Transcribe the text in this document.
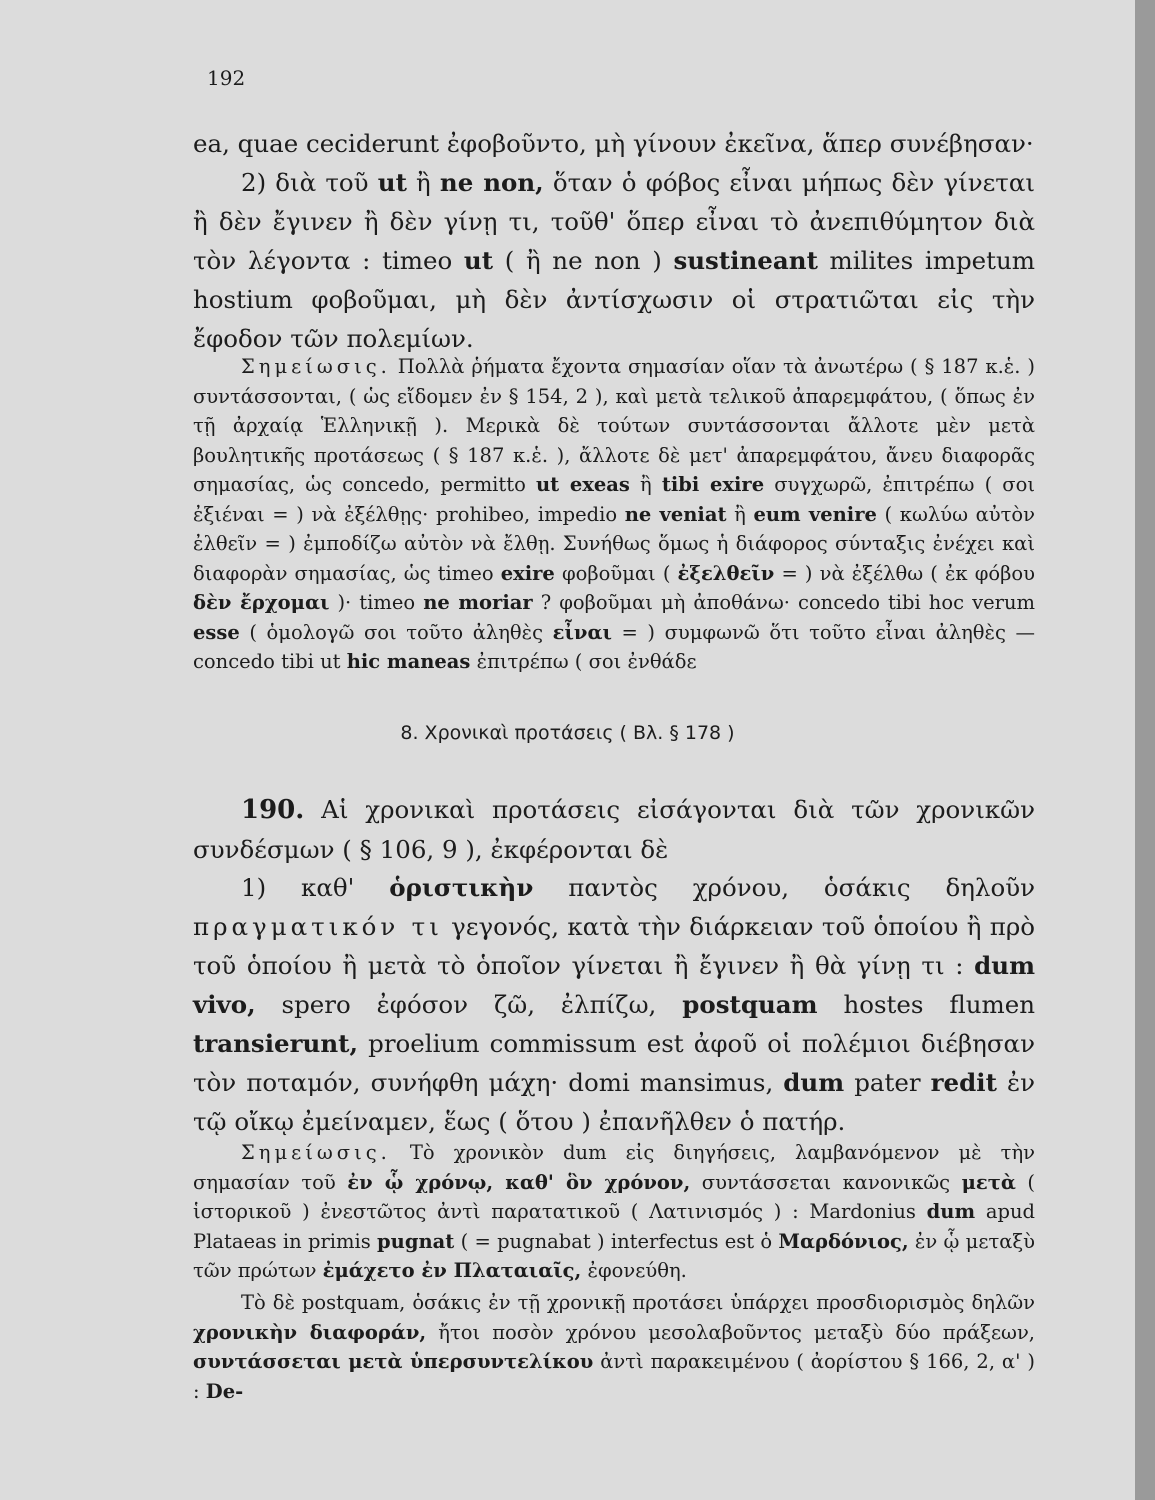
192

ea, quae ceciderunt ἐφοβοῦντο, μὴ γίνουν ἐκεῖνα, ἅπερ συνέβησαν·

2) διὰ τοῦ ut ἢ ne non, ὅταν ὁ φόβος εἶναι μήπως δὲν γίνεται ἢ δὲν ἔγινεν ἢ δὲν γίνῃ τι, τοῦθ' ὅπερ εἶναι τὸ ἀνεπιθύμητον διὰ τὸν λέγοντα : timeo ut ( ἢ ne non ) sustineant milites impetum hostium φοβοῦμαι, μὴ δὲν ἀντίσχωσιν οἱ στρατιῶται εἰς τὴν ἔφοδον τῶν πολεμίων.

Σημείωσις. Πολλὰ ῥήματα ἔχοντα σημασίαν οἵαν τὰ ἀνωτέρω ( § 187 κ.ἑ. ) συντάσσονται, ( ὡς εἴδομεν ἐν § 154, 2 ), καὶ μετὰ τελικοῦ ἀπαρεμφάτου, ( ὅπως ἐν τῇ ἀρχαίᾳ Ἑλληνικῇ ). Μερικὰ δὲ τούτων συντάσσονται ἄλλοτε μὲν μετὰ βουλητικῆς προτάσεως ( § 187 κ.ἑ. ), ἄλλοτε δὲ μετ' ἀπαρεμφάτου, ἄνευ διαφορᾶς σημασίας, ὡς concedo, permitto ut exeas ἢ tibi exire συγχωρῶ, ἐπιτρέπω ( σοι ἐξιέναι = ) νὰ ἐξέλθῃς· prohibeo, impedio ne veniat ἢ eum venire ( κωλύω αὐτὸν ἐλθεῖν = ) ἐμποδίζω αὐτὸν νὰ ἔλθῃ. Συνήθως ὅμως ἡ διάφορος σύνταξις ἐνέχει καὶ διαφορὰν σημασίας, ὡς timeo exire φοβοῦμαι ( ἐξελθεῖν = ) νὰ ἐξέλθω ( ἐκ φόβου δὲν ἔρχομαι )· timeo ne moriar ? φοβοῦμαι μὴ ἀποθάνω· concedo tibi hoc verum esse ( ὁμολογῶ σοι τοῦτο ἀληθὲς εἶναι = ) συμφωνῶ ὅτι τοῦτο εἶναι ἀληθὲς — concedo tibi ut hic maneas ἐπιτρέπω ( σοι ἐνθάδε
8. Χρονικαὶ προτάσεις ( Βλ. § 178 )
190. Αἱ χρονικαὶ προτάσεις εἰσάγονται διὰ τῶν χρονικῶν συνδέσμων ( § 106, 9 ), ἐκφέρονται δὲ
1) καθ' ὁριστικὴν παντὸς χρόνου, ὁσάκις δηλοῦν πραγματικόν τι γεγονός, κατὰ τὴν διάρκειαν τοῦ ὁποίου ἢ πρὸ τοῦ ὁποίου ἢ μετὰ τὸ ὁποῖον γίνεται ἢ ἔγινεν ἢ θὰ γίνῃ τι : dum vivo, spero ἐφόσον ζῶ, ἐλπίζω, postquam hostes flumen transierunt, proelium commissum est ἀφοῦ οἱ πολέμιοι διέβησαν τὸν ποταμόν, συνήφθη μάχη· domi mansimus, dum pater redit ἐν τῷ οἴκῳ ἐμείναμεν, ἕως ( ὅτου ) ἐπανῆλθεν ὁ πατήρ.
Σημείωσις. Τὸ χρονικὸν dum εἰς διηγήσεις, λαμβανόμενον μὲ τὴν σημασίαν τοῦ ἐν ᾧ χρόνῳ, καθ' ὃν χρόνον, συντάσσεται κανονικῶς μετὰ ( ἱστορικοῦ ) ἐνεστῶτος ἀντὶ παρατατικοῦ ( Λατινισμός ) : Mardonius dum apud Plataeas in primis pugnat ( = pugnabat ) interfectus est ὁ Μαρδόνιος, ἐν ᾧ μεταξὺ τῶν πρώτων ἐμάχετο ἐν Πλαταιαῖς, ἐφονεύθη.
Τὸ δὲ postquam, ὁσάκις ἐν τῇ χρονικῇ προτάσει ὑπάρχει προσδιορισμὸς δηλῶν χρονικὴν διαφοράν, ἤτοι ποσὸν χρόνου μεσολαβοῦντος μεταξὺ δύο πράξεων, συντάσσεται μετὰ ὑπερσυντελίκου ἀντὶ παρακειμένου ( ἀορίστου § 166, 2, α' ) : De-
